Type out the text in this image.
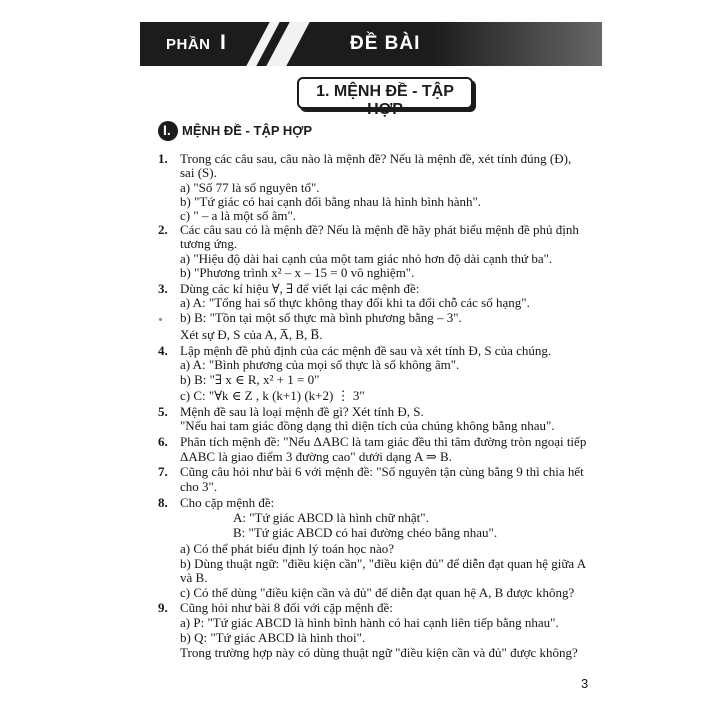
PHẦN I	ĐỀ BÀI
1. MỆNH ĐỀ - TẬP HỢP
I. MỆNH ĐỀ - TẬP HỢP
1. Trong các câu sau, câu nào là mệnh đề? Nếu là mệnh đề, xét tính đúng (Đ),
sai (S).
a) "Số 77 là số nguyên tố".
b) "Tứ giác có hai cạnh đối bằng nhau là hình bình hành".
c) " – a là một số âm".
2. Các câu sau có là mệnh đề? Nếu là mệnh đề hãy phát biểu mệnh đề phủ định
tương ứng.
a) "Hiệu độ dài hai cạnh của một tam giác nhỏ hơn độ dài cạnh thứ ba".
b) "Phương trình x² – x – 15 = 0 vô nghiệm".
3. Dùng các kí hiệu ∀, ∃ để viết lại các mệnh đề:
a) A: "Tổng hai số thực không thay đổi khi ta đổi chỗ các số hạng".
b) B: "Tồn tại một số thực mà bình phương bằng – 3".
Xét sự Đ, S của A, A̅, B, B̅.
4. Lập mệnh đề phủ định của các mệnh đề sau và xét tính Đ, S của chúng.
a) A: "Bình phương của mọi số thực là số không âm".
b) B: "∃ x ∈ R, x² + 1 = 0"
c) C: "∀k ∈ Z , k (k+1) (k+2) ⋮ 3"
5. Mệnh đề sau là loại mệnh đề gì? Xét tính Đ, S.
"Nếu hai tam giác đồng dạng thì diện tích của chúng không bằng nhau".
6. Phân tích mệnh đề: "Nếu ΔABC là tam giác đều thì tâm đường tròn ngoại tiếp
ΔABC là giao điểm 3 đường cao" dưới dạng A ⇒ B.
7. Cũng câu hỏi như bài 6 với mệnh đề: "Số nguyên tận cùng bằng 9 thì chia hết
cho 3".
8. Cho cặp mệnh đề:
A: "Tứ giác ABCD là hình chữ nhật".
B: "Tứ giác ABCD có hai đường chéo bằng nhau".
a) Có thể phát biểu định lý toán học nào?
b) Dùng thuật ngữ: "điều kiện cần", "điều kiện đủ" để diễn đạt quan hệ giữa A
và B.
c) Có thể dùng "điều kiện cần và đủ" để diễn đạt quan hệ A, B được không?
9. Cũng hỏi như bài 8 đối với cặp mệnh đề:
a) P: "Tứ giác ABCD là hình bình hành có hai cạnh liên tiếp bằng nhau".
b) Q: "Tứ giác ABCD là hình thoi".
Trong trường hợp này có dùng thuật ngữ "điều kiện cần và đủ" được không?
3
